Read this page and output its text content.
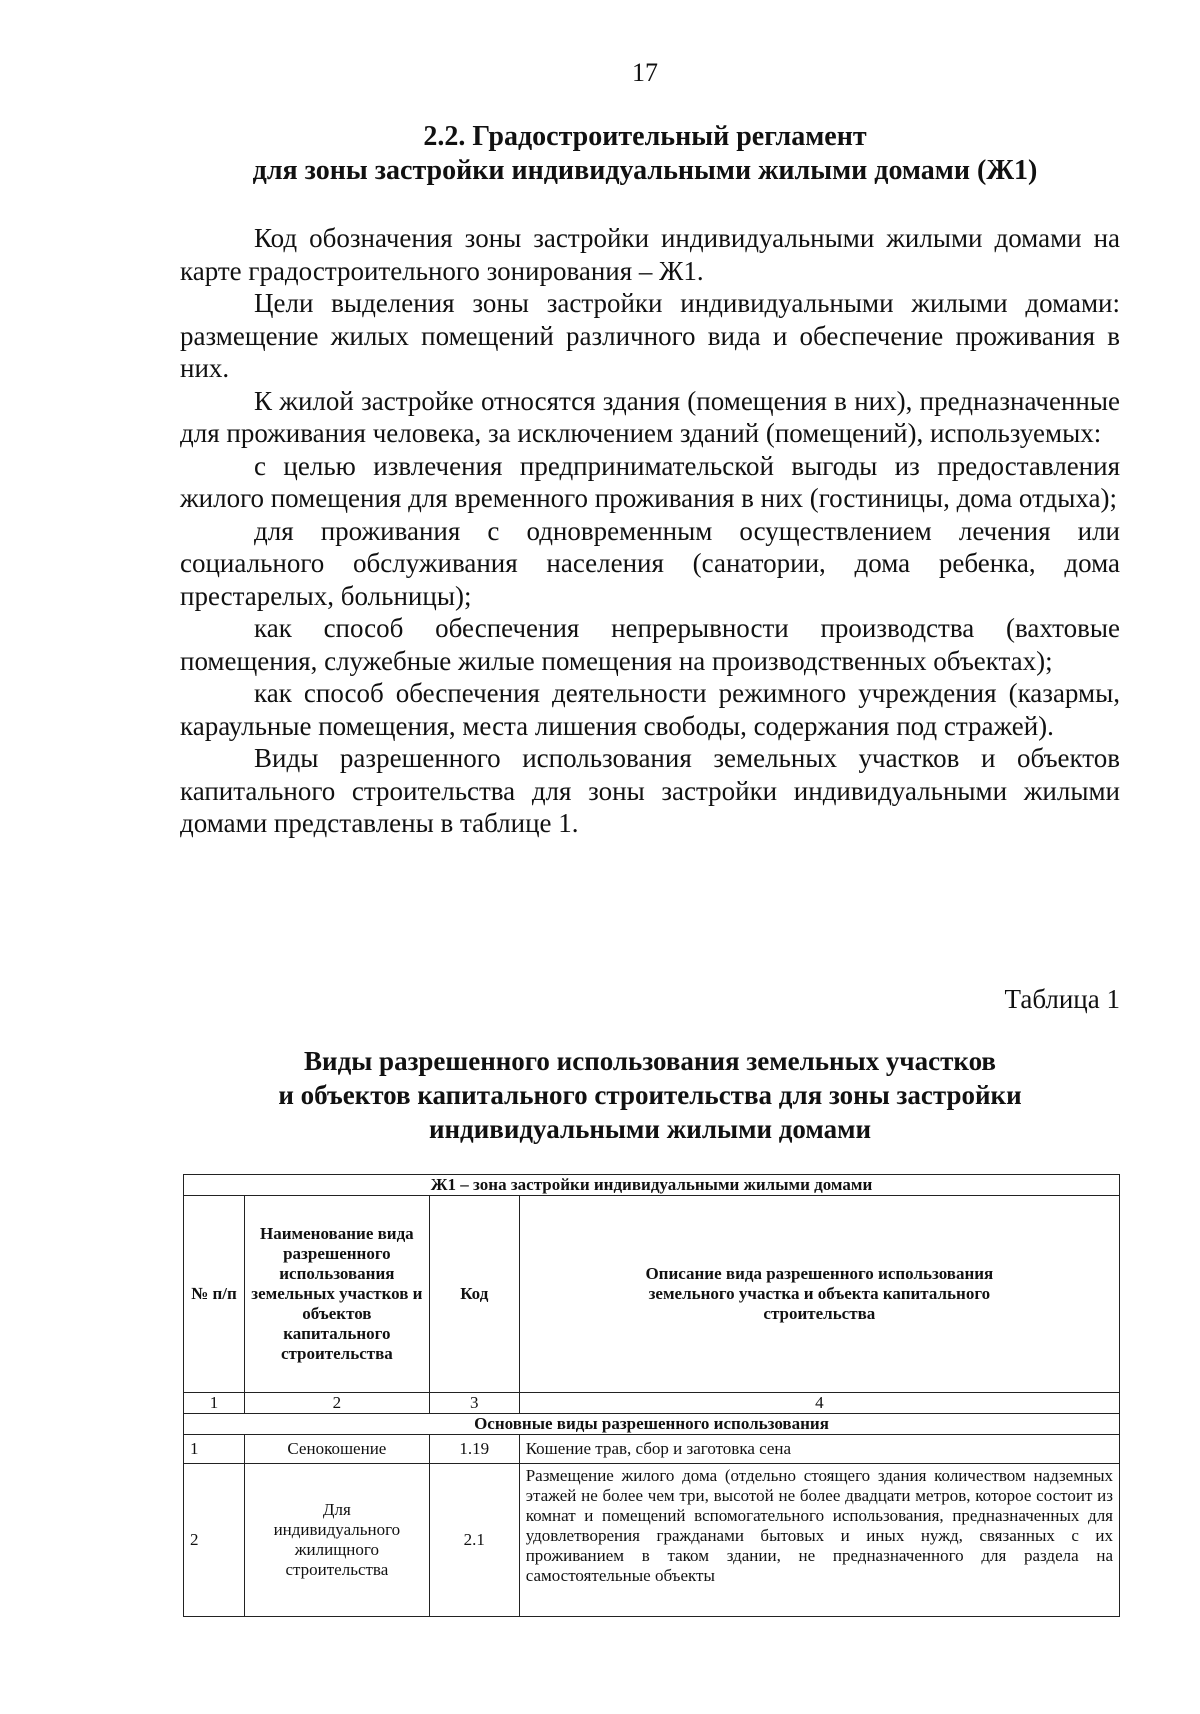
17
2.2. Градостроительный регламент
для зоны застройки индивидуальными жилыми домами (Ж1)

Код обозначения зоны застройки индивидуальными жилыми домами на карте градостроительного зонирования – Ж1.

Цели выделения зоны застройки индивидуальными жилыми домами: размещение жилых помещений различного вида и обеспечение проживания в них.

К жилой застройке относятся здания (помещения в них), предназначенные для проживания человека, за исключением зданий (помещений), используемых:

с целью извлечения предпринимательской выгоды из предоставления жилого помещения для временного проживания в них (гостиницы, дома отдыха);

для проживания с одновременным осуществлением лечения или социального обслуживания населения (санатории, дома ребенка, дома престарелых, больницы);

как способ обеспечения непрерывности производства (вахтовые помещения, служебные жилые помещения на производственных объектах);

как способ обеспечения деятельности режимного учреждения (казармы, караульные помещения, места лишения свободы, содержания под стражей).

Виды разрешенного использования земельных участков и объектов капитального строительства для зоны застройки индивидуальными жилыми домами представлены в таблице 1.

Таблица 1
Виды разрешенного использования земельных участков
и объектов капитального строительства для зоны застройки
индивидуальными жилыми домами
Ж1 – зона застройки индивидуальными жилыми домами			
№ п/п	Наименование вида разрешенного использования земельных участков и объектов капитального строительства	Код	Описание вида разрешенного использования земельного участка и объекта капитального строительства
1	2	3	4
Основные виды разрешенного использования			
1	Сенокошение	1.19	Кошение трав, сбор и заготовка сена
2	Для индивидуального жилищного строительства	2.1	Размещение жилого дома (отдельно стоящего здания количеством надземных этажей не более чем три, высотой не более двадцати метров, которое состоит из комнат и помещений вспомогательного использования, предназначенных для удовлетворения гражданами бытовых и иных нужд, связанных с их проживанием в таком здании, не предназначенного для раздела на самостоятельные объекты
